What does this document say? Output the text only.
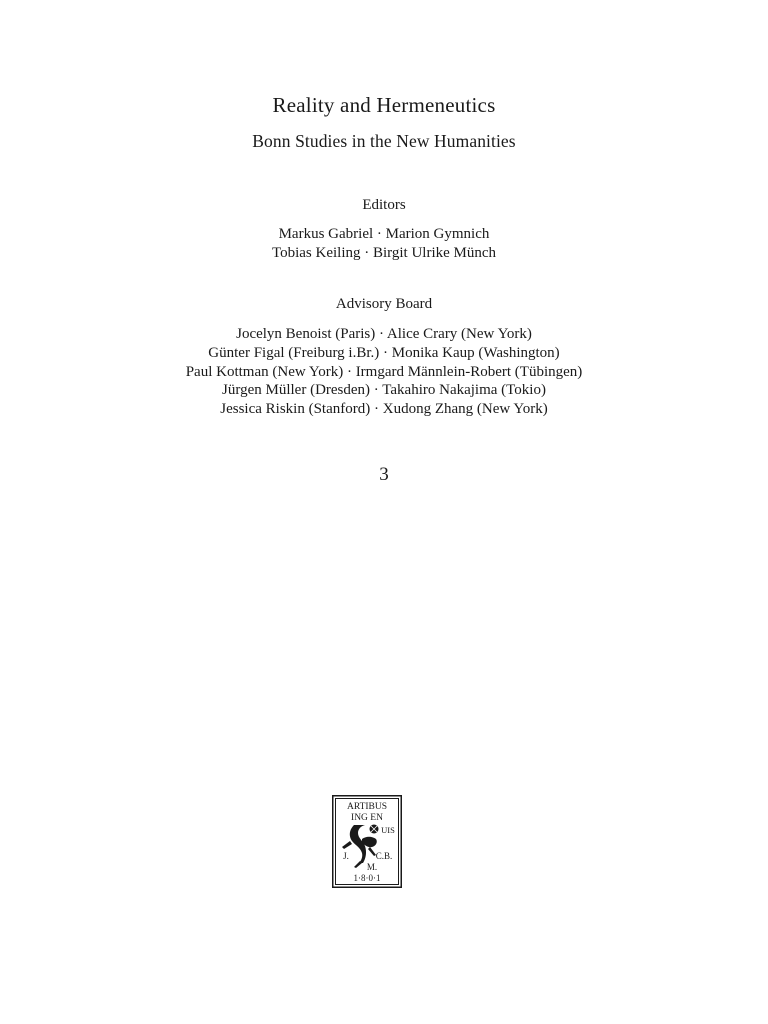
Reality and Hermeneutics
Bonn Studies in the New Humanities
Editors
Markus Gabriel · Marion Gymnich
Tobias Keiling · Birgit Ulrike Münch
Advisory Board
Jocelyn Benoist (Paris) · Alice Crary (New York)
Günter Figal (Freiburg i.Br.) · Monika Kaup (Washington)
Paul Kottman (New York) · Irmgard Männlein-Robert (Tübingen)
Jürgen Müller (Dresden) · Takahiro Nakajima (Tokio)
Jessica Riskin (Stanford) · Xudong Zhang (New York)
3
ARTIBUS
ING EN
UIS
J.	C.B.
M.
1·8·0·1
